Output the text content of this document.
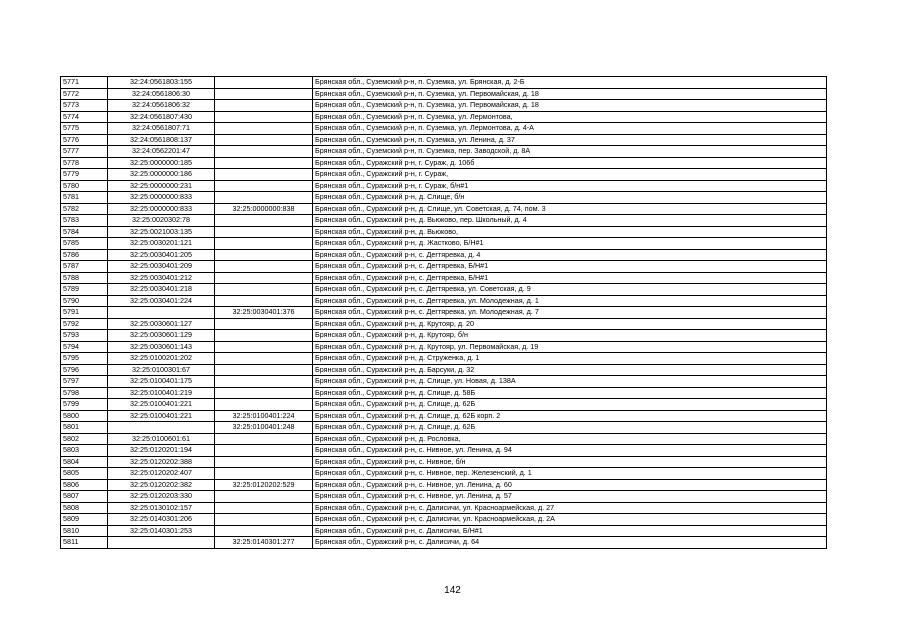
5771	32:24:0561803:155		Брянская обл., Суземский р-н, п. Суземка, ул. Брянская, д. 2-Б
5772	32:24:0561806:30		Брянская обл., Суземский р-н, п. Суземка, ул. Первомайская, д. 18
5773	32:24:0561806:32		Брянская обл., Суземский р-н, п. Суземка, ул. Первомайская, д. 18
5774	32:24:0561807:430		Брянская обл., Суземский р-н, п. Суземка, ул. Лермонтова,
5775	32:24:0561807:71		Брянская обл., Суземский р-н, п. Суземка, ул. Лермонтова, д. 4-А
5776	32:24:0561808:137		Брянская обл., Суземский р-н, п. Суземка, ул. Ленина, д. 37
5777	32:24:0562201:47		Брянская обл., Суземский р-н, п. Суземка, пер. Заводской, д. 8А
5778	32:25:0000000:185		Брянская обл., Суражский р-н, г. Сураж, д. 106б
5779	32:25:0000000:186		Брянская обл., Суражский р-н, г. Сураж,
5780	32:25:0000000:231		Брянская обл., Суражский р-н, г. Сураж, б/н#1
5781	32:25:0000000:833		Брянская обл., Суражский р-н, д. Слище, б/н
5782	32:25:0000000:833	32:25:0000000:838	Брянская обл., Суражский р-н, д. Слище, ул. Советская, д. 74, пом. 3
5783	32:25:0020302:78		Брянская обл., Суражский р-н, д. Вьюково, пер. Школьный, д. 4
5784	32:25:0021003:135		Брянская обл., Суражский р-н, д. Вьюково,
5785	32:25:0030201:121		Брянская обл., Суражский р-н, д. Жастково, Б/Н#1
5786	32:25:0030401:205		Брянская обл., Суражский р-н, с. Дегтяревка, д. 4
5787	32:25:0030401:209		Брянская обл., Суражский р-н, с. Дегтяревка, Б/Н#1
5788	32:25:0030401:212		Брянская обл., Суражский р-н, с. Дегтяревка, Б/Н#1
5789	32:25:0030401:218		Брянская обл., Суражский р-н, с. Дегтяревка, ул. Советская, д. 9
5790	32:25:0030401:224		Брянская обл., Суражский р-н, с. Дегтяревка, ул. Молодежная, д. 1
5791		32:25:0030401:376	Брянская обл., Суражский р-н, с. Дегтяревка, ул. Молодежная, д. 7
5792	32:25:0030601:127		Брянская обл., Суражский р-н, д. Крутояр, д. 20
5793	32:25:0030601:129		Брянская обл., Суражский р-н, д. Крутояр, б/н
5794	32:25:0030601:143		Брянская обл., Суражский р-н, д. Крутояр, ул. Первомайская, д. 19
5795	32:25:0100201:202		Брянская обл., Суражский р-н, д. Струженка, д. 1
5796	32:25:0100301:67		Брянская обл., Суражский р-н, д. Барсуки, д. 32
5797	32:25:0100401:175		Брянская обл., Суражский р-н, д. Слище, ул. Новая, д. 138А
5798	32:25:0100401:219		Брянская обл., Суражский р-н, д. Слище, д. 58Б
5799	32:25:0100401:221		Брянская обл., Суражский р-н, д. Слище, д. 62Б
5800	32:25:0100401:221	32:25:0100401:224	Брянская обл., Суражский р-н, д. Слище, д. 62Б корп. 2
5801		32:25:0100401:248	Брянская обл., Суражский р-н, д. Слище, д. 62Б
5802	32:25:0100601:61		Брянская обл., Суражский р-н, д. Рословка,
5803	32:25:0120201:194		Брянская обл., Суражский р-н, с. Нивное, ул. Ленина, д. 94
5804	32:25:0120202:388		Брянская обл., Суражский р-н, с. Нивное, б/н
5805	32:25:0120202:407		Брянская обл., Суражский р-н, с. Нивное, пер. Железенский, д. 1
5806	32:25:0120202:382	32:25:0120202:529	Брянская обл., Суражский р-н, с. Нивное, ул. Ленина, д. 60
5807	32:25:0120203:330		Брянская обл., Суражский р-н, с. Нивное, ул. Ленина, д. 57
5808	32:25:0130102:157		Брянская обл., Суражский р-н, с. Далисичи, ул. Красноармейская, д. 27
5809	32:25:0140301:206		Брянская обл., Суражский р-н, с. Далисичи, ул. Красноармейская, д. 2А
5810	32:25:0140301:253		Брянская обл., Суражский р-н, с. Далисичи, Б/Н#1
5811		32:25:0140301:277	Брянская обл., Суражский р-н, с. Далисичи, д. 64
142
